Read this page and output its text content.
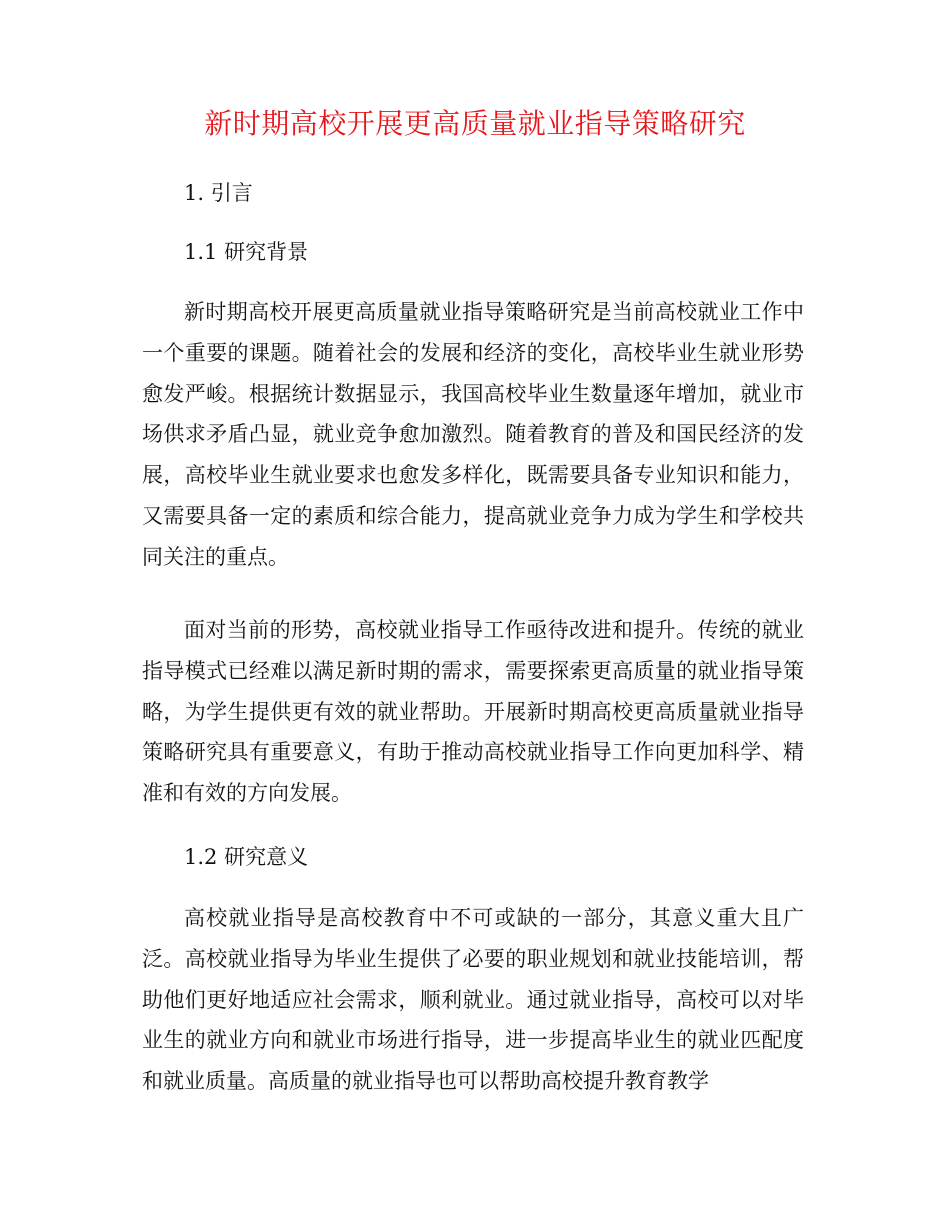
新时期高校开展更高质量就业指导策略研究
1. 引言
1.1 研究背景
新时期高校开展更高质量就业指导策略研究是当前高校就业工作中一个重要的课题。随着社会的发展和经济的变化，高校毕业生就业形势愈发严峻。根据统计数据显示，我国高校毕业生数量逐年增加，就业市场供求矛盾凸显，就业竞争愈加激烈。随着教育的普及和国民经济的发展，高校毕业生就业要求也愈发多样化，既需要具备专业知识和能力，又需要具备一定的素质和综合能力，提高就业竞争力成为学生和学校共同关注的重点。
面对当前的形势，高校就业指导工作亟待改进和提升。传统的就业指导模式已经难以满足新时期的需求，需要探索更高质量的就业指导策略，为学生提供更有效的就业帮助。开展新时期高校更高质量就业指导策略研究具有重要意义，有助于推动高校就业指导工作向更加科学、精准和有效的方向发展。
1.2 研究意义
高校就业指导是高校教育中不可或缺的一部分，其意义重大且广泛。高校就业指导为毕业生提供了必要的职业规划和就业技能培训，帮助他们更好地适应社会需求，顺利就业。通过就业指导，高校可以对毕业生的就业方向和就业市场进行指导，进一步提高毕业生的就业匹配度和就业质量。高质量的就业指导也可以帮助高校提升教育教学
